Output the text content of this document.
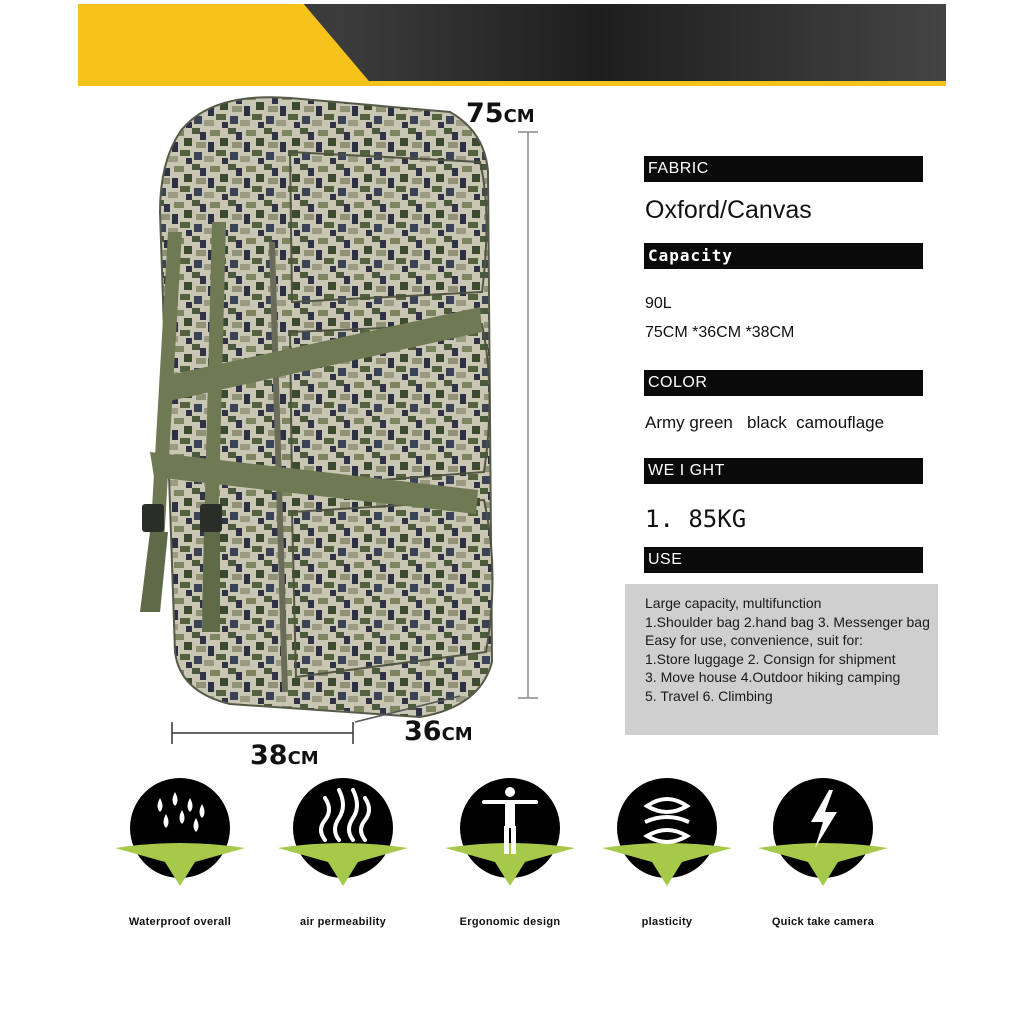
75CM
38CM
36CM
FABRIC
Oxford/Canvas
Capacity
90L
75CM *36CM *38CM
COLOR
Army green   black  camouflage
WE I GHT
1. 85KG
USE
Large capacity, multifunction
1.Shoulder bag 2.hand bag 3. Messenger bag
Easy for use, convenience, suit for:
1.Store luggage 2. Consign for shipment
3. Move house 4.Outdoor hiking camping
5. Travel 6. Climbing
Waterproof overall	air permeability	Ergonomic design	plasticity	Quick take camera
